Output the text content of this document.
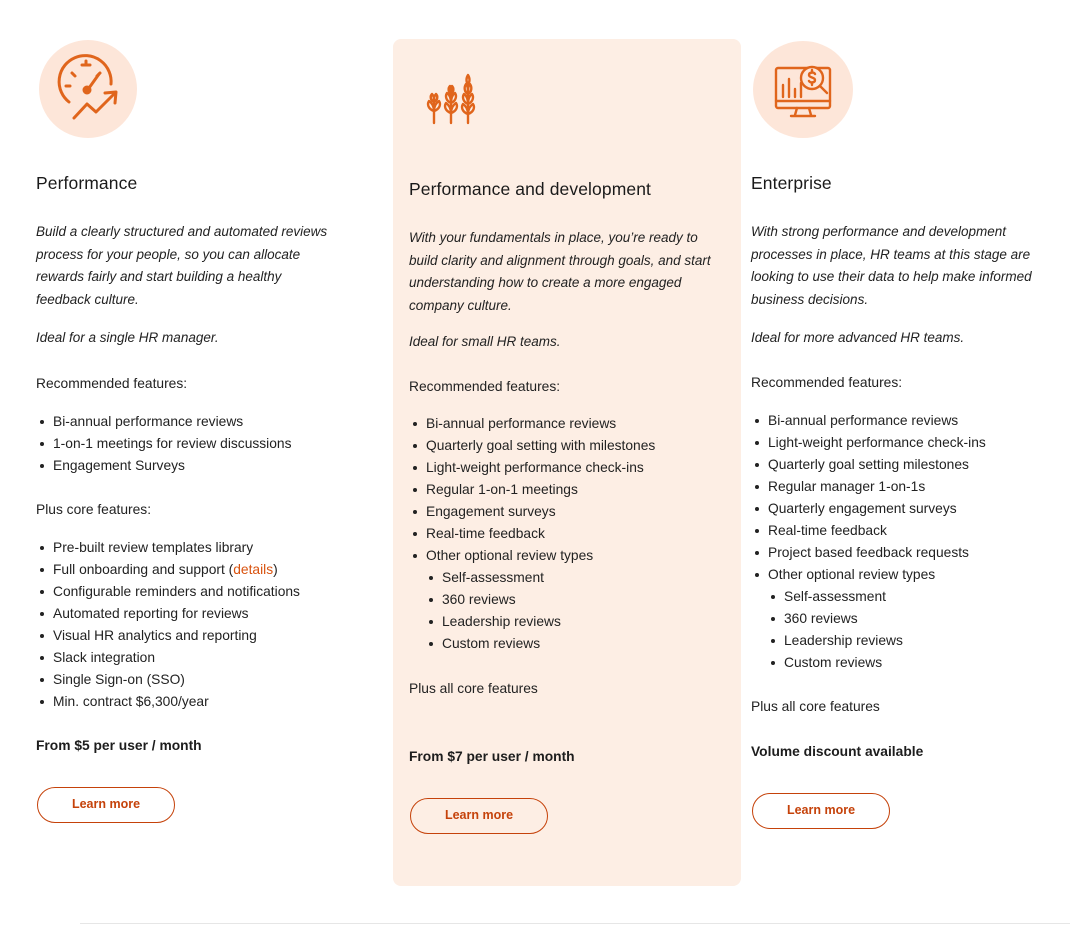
Performance
Build a clearly structured and automated reviews process for your people, so you can allocate rewards fairly and start building a healthy feedback culture.
Ideal for a single HR manager.
Recommended features:
Bi-annual performance reviews
1-on-1 meetings for review discussions
Engagement Surveys
Plus core features:
Pre-built review templates library
Full onboarding and support (details)
Configurable reminders and notifications
Automated reporting for reviews
Visual HR analytics and reporting
Slack integration
Single Sign-on (SSO)
Min. contract $6,300/year
From $5 per user / month
Learn more
Performance and development
With your fundamentals in place, you’re ready to build clarity and alignment through goals, and start understanding how to create a more engaged company culture.
Ideal for small HR teams.
Recommended features:
Bi-annual performance reviews
Quarterly goal setting with milestones
Light-weight performance check-ins
Regular 1-on-1 meetings
Engagement surveys
Real-time feedback
Other optional review types
Self-assessment
360 reviews
Leadership reviews
Custom reviews
Plus all core features
From $7 per user / month
Learn more
Enterprise
With strong performance and development processes in place, HR teams at this stage are looking to use their data to help make informed business decisions.
Ideal for more advanced HR teams.
Recommended features:
Bi-annual performance reviews
Light-weight performance check-ins
Quarterly goal setting milestones
Regular manager 1-on-1s
Quarterly engagement surveys
Real-time feedback
Project based feedback requests
Other optional review types
Self-assessment
360 reviews
Leadership reviews
Custom reviews
Plus all core features
Volume discount available
Learn more
